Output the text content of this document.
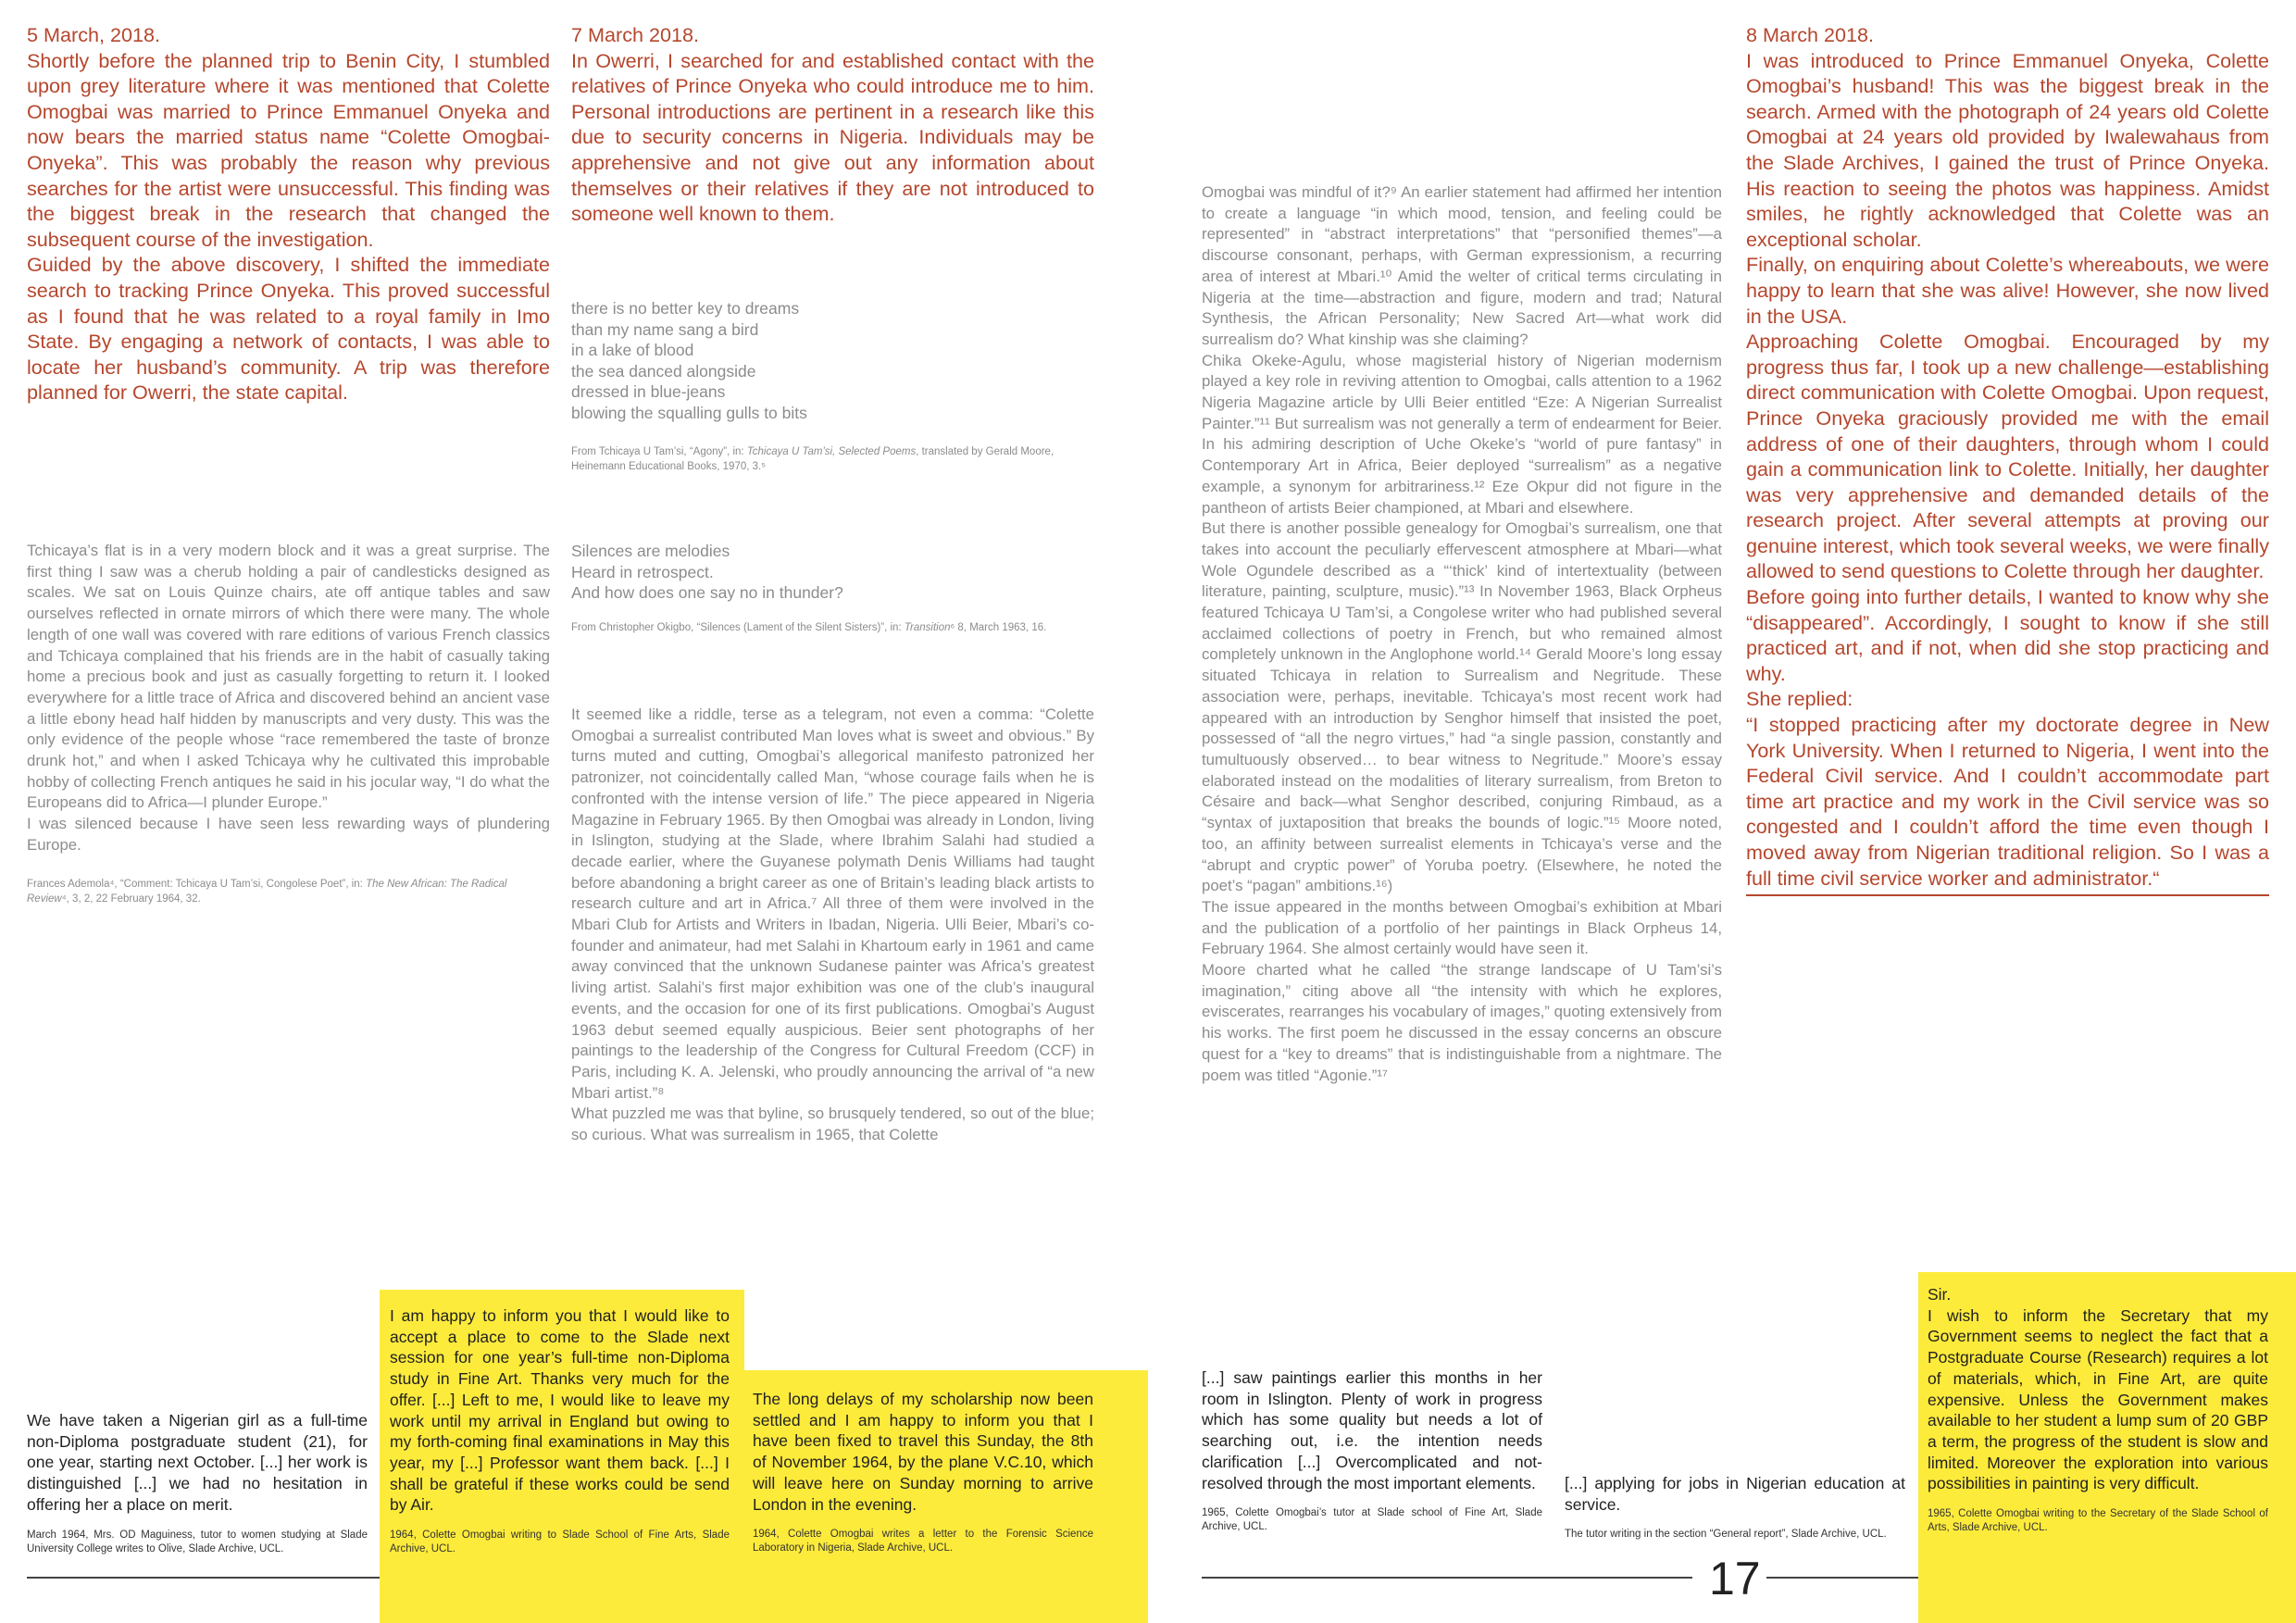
5 March, 2018.

Shortly before the planned trip to Benin City, I stumbled upon grey literature where it was mentioned that Colette Omogbai was married to Prince Emmanuel Onyeka and now bears the married status name “Colette Omogbai-Onyeka”. This was probably the reason why previous searches for the artist were unsuccessful. This finding was the biggest break in the research that changed the subsequent course of the investigation.

Guided by the above discovery, I shifted the immediate search to tracking Prince Onyeka. This proved successful as I found that he was related to a royal family in Imo State. By engaging a network of contacts, I was able to locate her husband’s community. A trip was therefore planned for Owerri, the state capital.

7 March 2018.

In Owerri, I searched for and established contact with the relatives of Prince Onyeka who could introduce me to him. Personal introductions are pertinent in a research like this due to security concerns in Nigeria. Individuals may be apprehensive and not give out any information about themselves or their relatives if they are not introduced to someone well known to them.

8 March 2018.

I was introduced to Prince Emmanuel Onyeka, Colette Omogbai’s husband! This was the biggest break in the search. Armed with the photograph of 24 years old Colette Omogbai at 24 years old provided by Iwalewahaus from the Slade Archives, I gained the trust of Prince Onyeka. His reaction to seeing the photos was happiness. Amidst smiles, he rightly acknowledged that Colette was an exceptional scholar.

Finally, on enquiring about Colette’s whereabouts, we were happy to learn that she was alive! However, she now lived in the USA.

Approaching Colette Omogbai. Encouraged by my progress thus far, I took up a new challenge—establishing direct communication with Colette Omogbai. Upon request, Prince Onyeka graciously provided me with the email address of one of their daughters, through whom I could gain a communication link to Colette. Initially, her daughter was very apprehensive and demanded details of the research project. After several attempts at proving our genuine interest, which took several weeks, we were finally allowed to send questions to Colette through her daughter.

Before going into further details, I wanted to know why she “disappeared”. Accordingly, I sought to know if she still practiced art, and if not, when did she stop practicing and why.

She replied:

“I stopped practicing after my doctorate degree in New York University. When I returned to Nigeria, I went into the Federal Civil service. And I couldn’t accommodate part time art practice and my work in the Civil service was so congested and I couldn’t afford the time even though I moved away from Nigerian traditional religion. So I was a full time civil service worker and administrator.“

there is no better key to dreams
than my name sang a bird
in a lake of blood
the sea danced alongside
dressed in blue-jeans
blowing the squalling gulls to bits
From Tchicaya U Tam’si, “Agony”, in: Tchicaya U Tam’si, Selected Poems, translated by Gerald Moore, Heinemann Educational Books, 1970, 3.⁵
Silences are melodies
Heard in retrospect.
And how does one say no in thunder?
From Christopher Okigbo, “Silences (Lament of the Silent Sisters)”, in: Transition⁶ 8, March 1963, 16.

Tchicaya’s flat is in a very modern block and it was a great surprise. The first thing I saw was a cherub holding a pair of candlesticks designed as scales. We sat on Louis Quinze chairs, ate off antique tables and saw ourselves reflected in ornate mirrors of which there were many. The whole length of one wall was covered with rare editions of various French classics and Tchicaya complained that his friends are in the habit of casually taking home a precious book and just as casually forgetting to return it. I looked everywhere for a little trace of Africa and discovered behind an ancient vase a little ebony head half hidden by manuscripts and very dusty. This was the only evidence of the people whose “race remembered the taste of bronze drunk hot,” and when I asked Tchicaya why he cultivated this improbable hobby of collecting French antiques he said in his jocular way, “I do what the Europeans did to Africa—I plunder Europe.”

I was silenced because I have seen less rewarding ways of plundering Europe.

Frances Ademola⁴, “Comment: Tchicaya U Tam’si, Congolese Poet”, in: The New African: The Radical Review⁴, 3, 2, 22 February 1964, 32.

It seemed like a riddle, terse as a telegram, not even a comma: “Colette Omogbai a surrealist contributed Man loves what is sweet and obvious.” By turns muted and cutting, Omogbai’s allegorical manifesto patronized her patronizer, not coincidentally called Man, “whose courage fails when he is confronted with the intense version of life.” The piece appeared in Nigeria Magazine in February 1965. By then Omogbai was already in London, living in Islington, studying at the Slade, where Ibrahim Salahi had studied a decade earlier, where the Guyanese polymath Denis Williams had taught before abandoning a bright career as one of Britain’s leading black artists to research culture and art in Africa.⁷ All three of them were involved in the Mbari Club for Artists and Writers in Ibadan, Nigeria. Ulli Beier, Mbari’s co-founder and animateur, had met Salahi in Khartoum early in 1961 and came away convinced that the unknown Sudanese painter was Africa’s greatest living artist. Salahi’s first major exhibition was one of the club’s inaugural events, and the occasion for one of its first publications. Omogbai’s August 1963 debut seemed equally auspicious. Beier sent photographs of her paintings to the leadership of the Congress for Cultural Freedom (CCF) in Paris, including K. A. Jelenski, who proudly announcing the arrival of “a new Mbari artist.”⁸

What puzzled me was that byline, so brusquely tendered, so out of the blue; so curious. What was surrealism in 1965, that Colette

Omogbai was mindful of it?⁹ An earlier statement had affirmed her intention to create a language “in which mood, tension, and feeling could be represented” in “abstract interpretations” that “personified themes”—a discourse consonant, perhaps, with German expressionism, a recurring area of interest at Mbari.¹⁰ Amid the welter of critical terms circulating in Nigeria at the time—abstraction and figure, modern and trad; Natural Synthesis, the African Personality; New Sacred Art—what work did surrealism do? What kinship was she claiming?

Chika Okeke-Agulu, whose magisterial history of Nigerian modernism played a key role in reviving attention to Omogbai, calls attention to a 1962 Nigeria Magazine article by Ulli Beier entitled “Eze: A Nigerian Surrealist Painter.”¹¹ But surrealism was not generally a term of endearment for Beier. In his admiring description of Uche Okeke’s “world of pure fantasy” in Contemporary Art in Africa, Beier deployed “surrealism” as a negative example, a synonym for arbitrariness.¹² Eze Okpur did not figure in the pantheon of artists Beier championed, at Mbari and elsewhere.

But there is another possible genealogy for Omogbai’s surrealism, one that takes into account the peculiarly effervescent atmosphere at Mbari—what Wole Ogundele described as a “‘thick’ kind of intertextuality (between literature, painting, sculpture, music).”¹³ In November 1963, Black Orpheus featured Tchicaya U Tam’si, a Congolese writer who had published several acclaimed collections of poetry in French, but who remained almost completely unknown in the Anglophone world.¹⁴ Gerald Moore’s long essay situated Tchicaya in relation to Surrealism and Negritude. These association were, perhaps, inevitable. Tchicaya’s most recent work had appeared with an introduction by Senghor himself that insisted the poet, possessed of “all the negro virtues,” had “a single passion, constantly and tumultuously observed… to bear witness to Negritude.” Moore’s essay elaborated instead on the modalities of literary surrealism, from Breton to Césaire and back—what Senghor described, conjuring Rimbaud, as a “syntax of juxtaposition that breaks the bounds of logic.”¹⁵ Moore noted, too, an affinity between surrealist elements in Tchicaya’s verse and the “abrupt and cryptic power” of Yoruba poetry. (Elsewhere, he noted the poet’s “pagan” ambitions.¹⁶)

The issue appeared in the months between Omogbai’s exhibition at Mbari and the publication of a portfolio of her paintings in Black Orpheus 14, February 1964. She almost certainly would have seen it.

Moore charted what he called “the strange landscape of U Tam’si’s imagination,” citing above all “the intensity with which he explores, eviscerates, rearranges his vocabulary of images,” quoting extensively from his works. The first poem he discussed in the essay concerns an obscure quest for a “key to dreams” that is indistinguishable from a nightmare. The poem was titled “Agonie.”¹⁷

We have taken a Nigerian girl as a full-time non-Diploma postgraduate student (21), for one year, starting next October. [...] her work is distinguished [...] we had no hesitation in offering her a place on merit.

March 1964, Mrs. OD Maguiness, tutor to women studying at Slade University College writes to Olive, Slade Archive, UCL.

I am happy to inform you that I would like to accept a place to come to the Slade next session for one year’s full-time non-Diploma study in Fine Art. Thanks very much for the offer. [...] Left to me, I would like to leave my work until my arrival in England but owing to my forth-coming final examinations in May this year, my [...] Professor want them back. [...] I shall be grateful if these works could be send by Air.

1964, Colette Omogbai writing to Slade School of Fine Arts, Slade Archive, UCL.

The long delays of my scholarship now been settled and I am happy to inform you that I have been fixed to travel this Sunday, the 8th of November 1964, by the plane V.C.10, which will leave here on Sunday morning to arrive London in the evening.

1964, Colette Omogbai writes a letter to the Forensic Science Laboratory in Nigeria, Slade Archive, UCL.

[...] saw paintings earlier this months in her room in Islington. Plenty of work in progress which has some quality but needs a lot of searching out, i.e. the intention needs clarification [...] Overcomplicated and not-resolved through the most important elements.

1965, Colette Omogbai’s tutor at Slade school of Fine Art, Slade Archive, UCL.

[...] applying for jobs in Nigerian education at service.

The tutor writing in the section “General report”, Slade Archive, UCL.

Sir.

I wish to inform the Secretary that my Government seems to neglect the fact that a Postgraduate Course (Research) requires a lot of materials, which, in Fine Art, are quite expensive. Unless the Government makes available to her student a lump sum of 20 GBP a term, the progress of the student is slow and limited. Moreover the exploration into various possibilities in painting is very difficult.

1965, Colette Omogbai writing to the Secretary of the Slade School of Arts, Slade Archive, UCL.
17
